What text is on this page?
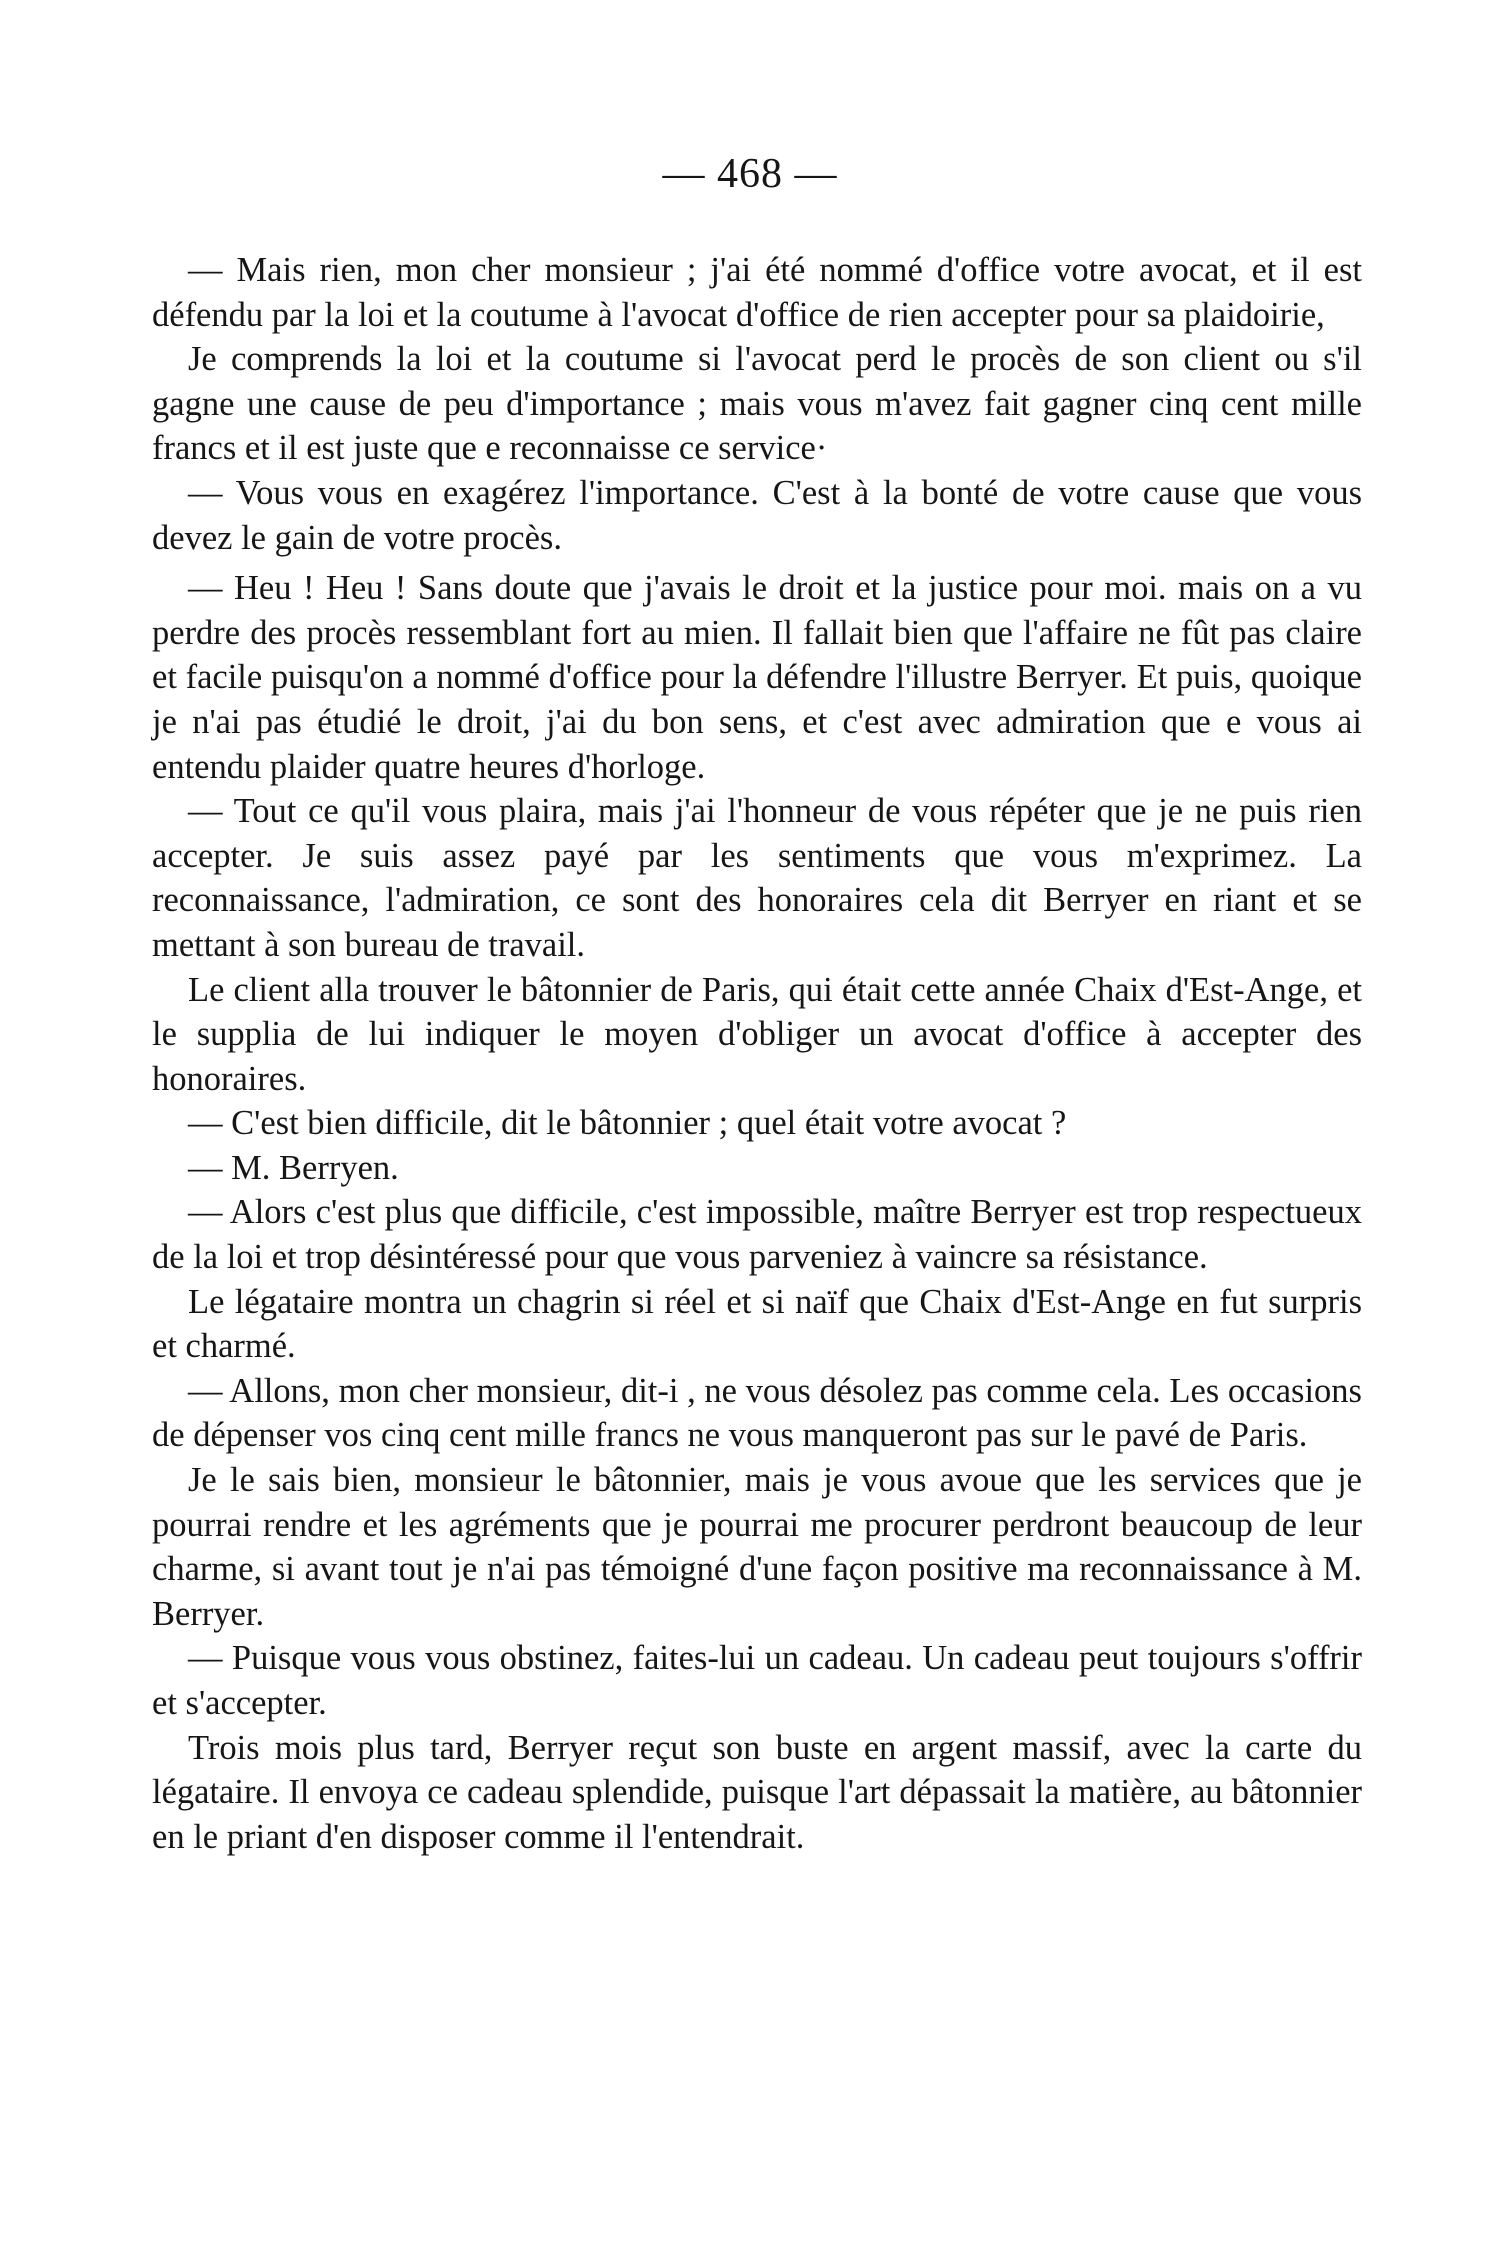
— 468 —

— Mais rien, mon cher monsieur ; j'ai été nommé d'office votre avocat, et il est défendu par la loi et la coutume à l'avocat d'office de rien accepter pour sa plaidoirie,

Je comprends la loi et la coutume si l'avocat perd le procès de son client ou s'il gagne une cause de peu d'importance ; mais vous m'avez fait gagner cinq cent mille francs et il est juste que e reconnaisse ce service·

— Vous vous en exagérez l'importance. C'est à la bonté de votre cause que vous devez le gain de votre procès.

— Heu ! Heu ! Sans doute que j'avais le droit et la justice pour moi. mais on a vu perdre des procès ressemblant fort au mien. Il fallait bien que l'affaire ne fût pas claire et facile puisqu'on a nommé d'office pour la défendre l'illustre Berryer. Et puis, quoique je n'ai pas étudié le droit, j'ai du bon sens, et c'est avec admiration que e vous ai entendu plaider quatre heures d'horloge.

— Tout ce qu'il vous plaira, mais j'ai l'honneur de vous répéter que je ne puis rien accepter. Je suis assez payé par les sentiments que vous m'exprimez. La reconnaissance, l'admiration, ce sont des honoraires cela dit Berryer en riant et se mettant à son bureau de travail.

Le client alla trouver le bâtonnier de Paris, qui était cette année Chaix d'Est-Ange, et le supplia de lui indiquer le moyen d'obliger un avocat d'office à accepter des honoraires.

— C'est bien difficile, dit le bâtonnier ; quel était votre avocat ?

— M. Berryen.

— Alors c'est plus que difficile, c'est impossible, maître Berryer est trop respectueux de la loi et trop désintéressé pour que vous parveniez à vaincre sa résistance.

Le légataire montra un chagrin si réel et si naïf que Chaix d'Est-Ange en fut surpris et charmé.

— Allons, mon cher monsieur, dit-i , ne vous désolez pas comme cela. Les occasions de dépenser vos cinq cent mille francs ne vous manqueront pas sur le pavé de Paris.

Je le sais bien, monsieur le bâtonnier, mais je vous avoue que les services que je pourrai rendre et les agréments que je pourrai me procurer perdront beaucoup de leur charme, si avant tout je n'ai pas témoigné d'une façon positive ma reconnaissance à M. Berryer.

— Puisque vous vous obstinez, faites-lui un cadeau. Un cadeau peut toujours s'offrir et s'accepter.

Trois mois plus tard, Berryer reçut son buste en argent massif, avec la carte du légataire. Il envoya ce cadeau splendide, puisque l'art dépassait la matière, au bâtonnier en le priant d'en disposer comme il l'entendrait.
